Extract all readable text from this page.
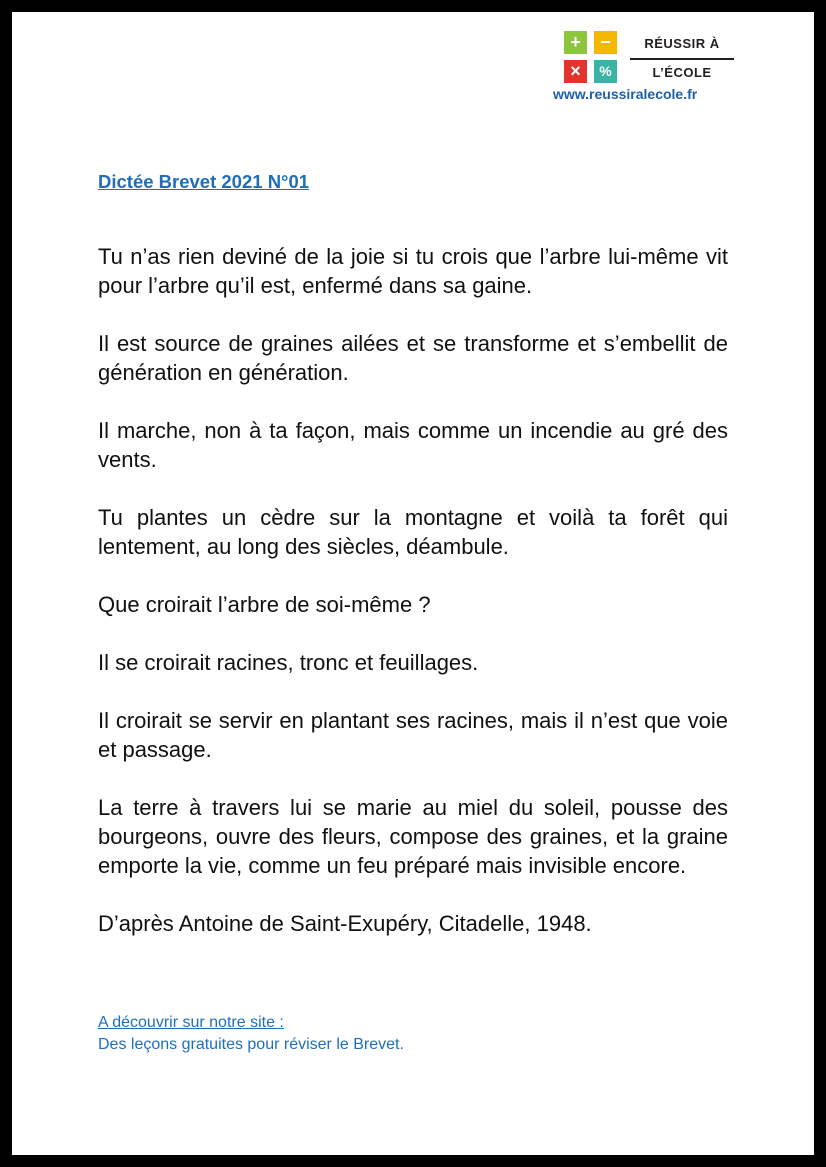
+	−
×	%
RÉUSSIR À
L’ÉCOLE
www.reussiralecole.fr
Dictée Brevet 2021 N°01

Tu n’as rien deviné de la joie si tu crois que l’arbre lui-même vit pour l’arbre qu’il est, enfermé dans sa gaine.

Il est source de graines ailées et se transforme et s’embellit de génération en génération.

Il marche, non à ta façon, mais comme un incendie au gré des vents.

Tu plantes un cèdre sur la montagne et voilà ta forêt qui lentement, au long des siècles, déambule.

Que croirait l’arbre de soi-même ?

Il se croirait racines, tronc et feuillages.

Il croirait se servir en plantant ses racines, mais il n’est que voie et passage.

La terre à travers lui se marie au miel du soleil, pousse des bourgeons, ouvre des fleurs, compose des graines, et la graine emporte la vie, comme un feu préparé mais invisible encore.

D’après Antoine de Saint-Exupéry, Citadelle, 1948.

A découvrir sur notre site :
Des leçons gratuites pour réviser le Brevet.
